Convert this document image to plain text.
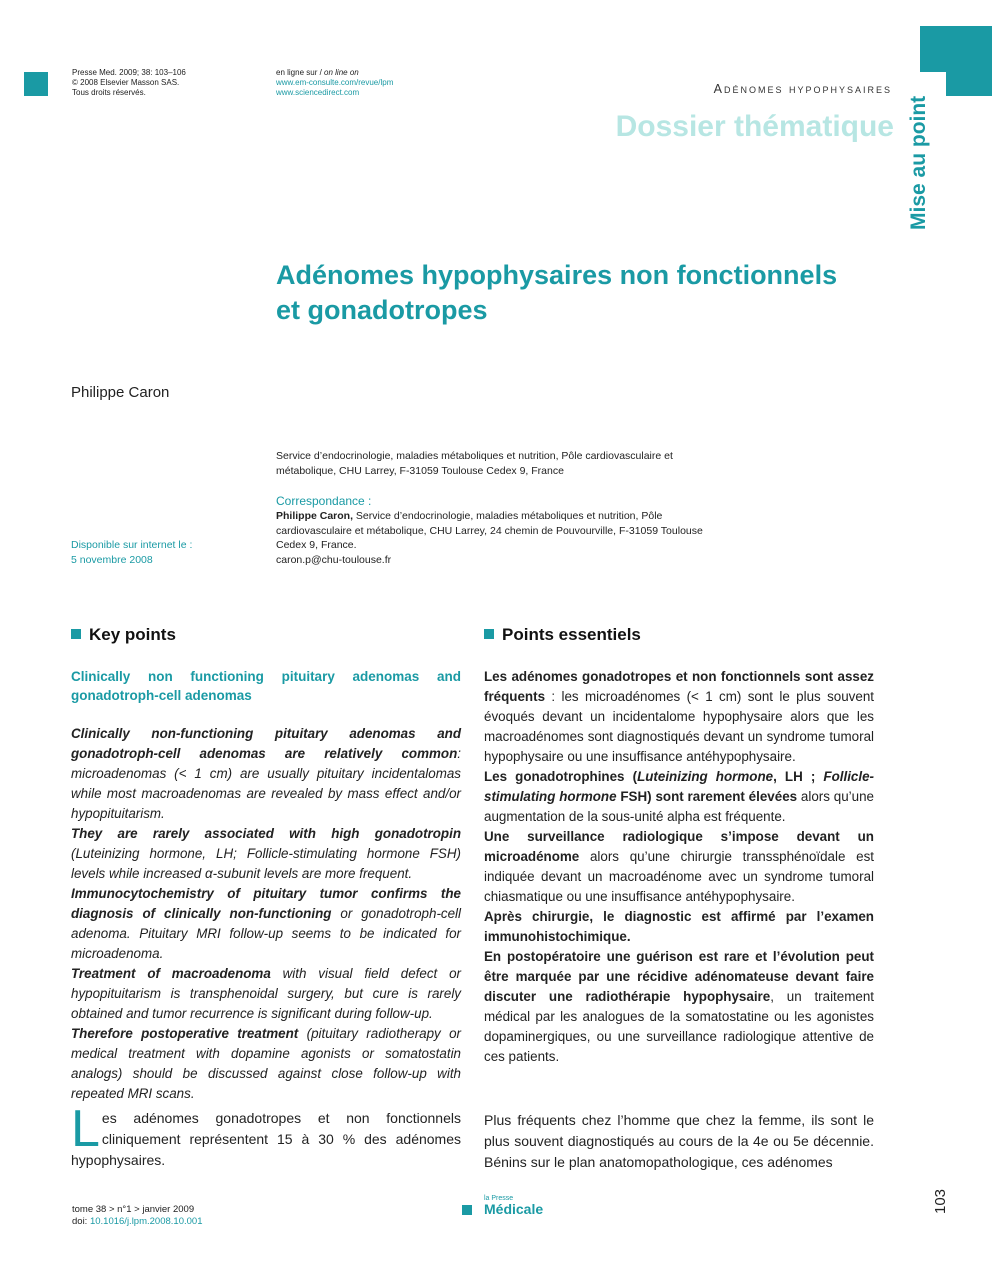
Presse Med. 2009; 38: 103–106
© 2008 Elsevier Masson SAS.
Tous droits réservés.
en ligne sur / on line on
www.em-consulte.com/revue/lpm
www.sciencedirect.com	Adénomes hypophysaires
Dossier thématique Mise au point
Adénomes hypophysaires non fonctionnels
et gonadotropes
Philippe Caron
Service d’endocrinologie, maladies métaboliques et nutrition, Pôle cardiovasculaire et métabolique, CHU Larrey, F-31059 Toulouse Cedex 9, France
Correspondance :
Philippe Caron, Service d’endocrinologie, maladies métaboliques et nutrition, Pôle cardiovasculaire et métabolique, CHU Larrey, 24 chemin de Pouvourville, F-31059 Toulouse Cedex 9, France.
caron.p@chu-toulouse.fr
Disponible sur internet le :
5 novembre 2008
Key points	Points essentiels
Clinically non functioning pituitary adenomas and gonadotroph-cell adenomas

Clinically non-functioning pituitary adenomas and gonadotroph-cell adenomas are relatively common: microadenomas (< 1 cm) are usually pituitary incidentalomas while most macroadenomas are revealed by mass effect and/or hypopituitarism.

They are rarely associated with high gonadotropin (Luteinizing hormone, LH; Follicle-stimulating hormone FSH) levels while increased α-subunit levels are more frequent.

Immunocytochemistry of pituitary tumor confirms the diagnosis of clinically non-functioning or gonadotroph-cell adenoma. Pituitary MRI follow-up seems to be indicated for microadenoma.

Treatment of macroadenoma with visual field defect or hypopituitarism is transphenoidal surgery, but cure is rarely obtained and tumor recurrence is significant during follow-up.

Therefore postoperative treatment (pituitary radiotherapy or medical treatment with dopamine agonists or somatostatin analogs) should be discussed against close follow-up with repeated MRI scans.

Les adénomes gonadotropes et non fonctionnels sont assez fréquents : les microadénomes (< 1 cm) sont le plus souvent évoqués devant un incidentalome hypophysaire alors que les macroadénomes sont diagnostiqués devant un syndrome tumoral hypophysaire ou une insuffisance antéhypophysaire.

Les gonadotrophines (Luteinizing hormone, LH ; Follicle-stimulating hormone FSH) sont rarement élevées alors qu’une augmentation de la sous-unité alpha est fréquente.

Une surveillance radiologique s’impose devant un microadénome alors qu’une chirurgie transsphénoïdale est indiquée devant un macroadénome avec un syndrome tumoral chiasmatique ou une insuffisance antéhypophysaire.

Après chirurgie, le diagnostic est affirmé par l’examen immunohistochimique.

En postopératoire une guérison est rare et l’évolution peut être marquée par une récidive adénomateuse devant faire discuter une radiothérapie hypophysaire, un traitement médical par les analogues de la somatostatine ou les agonistes dopaminergiques, ou une surveillance radiologique attentive de ces patients.

Les adénomes gonadotropes et non fonctionnels cliniquement représentent 15 à 30 % des adénomes hypophysaires.
Plus fréquents chez l’homme que chez la femme, ils sont le plus souvent diagnostiqués au cours de la 4e ou 5e décennie. Bénins sur le plan anatomopathologique, ces adénomes
tome 38 > n°1 > janvier 2009
doi: 10.1016/j.lpm.2008.10.001
la Presse
Médicale	103
